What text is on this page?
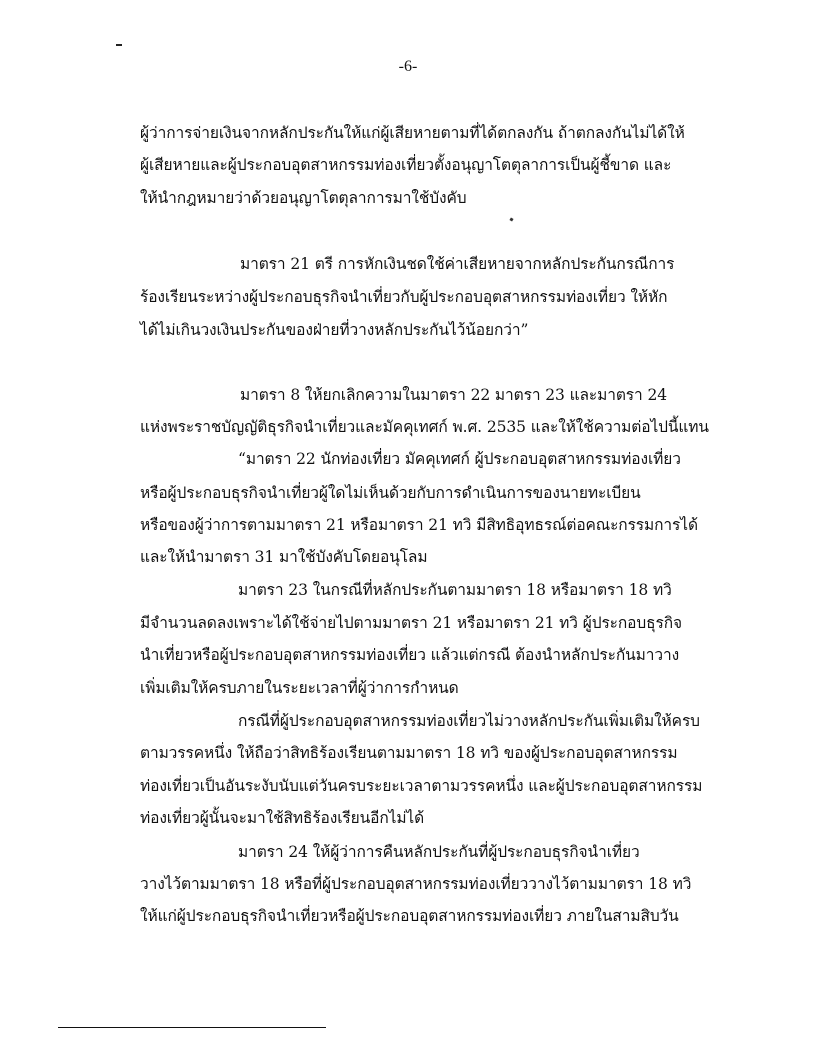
-6-
ผู้ว่าการจ่ายเงินจากหลักประกันให้แก่ผู้เสียหายตามที่ได้ตกลงกัน ถ้าตกลงกันไม่ได้ให้
ผู้เสียหายและผู้ประกอบอุตสาหกรรมท่องเที่ยวตั้งอนุญาโตตุลาการเป็นผู้ชี้ขาด และ
ให้นำกฎหมายว่าด้วยอนุญาโตตุลาการมาใช้บังคับ
มาตรา 21 ตรี การหักเงินชดใช้ค่าเสียหายจากหลักประกันกรณีการ
ร้องเรียนระหว่างผู้ประกอบธุรกิจนำเที่ยวกับผู้ประกอบอุตสาหกรรมท่องเที่ยว ให้หัก
ได้ไม่เกินวงเงินประกันของฝ่ายที่วางหลักประกันไว้น้อยกว่า”
มาตรา 8 ให้ยกเลิกความในมาตรา 22 มาตรา 23 และมาตรา 24
แห่งพระราชบัญญัติธุรกิจนำเที่ยวและมัคคุเทศก์ พ.ศ. 2535 และให้ใช้ความต่อไปนี้แทน
“มาตรา 22 นักท่องเที่ยว มัคคุเทศก์ ผู้ประกอบอุตสาหกรรมท่องเที่ยว
หรือผู้ประกอบธุรกิจนำเที่ยวผู้ใดไม่เห็นด้วยกับการดำเนินการของนายทะเบียน
หรือของผู้ว่าการตามมาตรา 21 หรือมาตรา 21 ทวิ มีสิทธิอุทธรณ์ต่อคณะกรรมการได้
และให้นำมาตรา 31 มาใช้บังคับโดยอนุโลม
มาตรา 23 ในกรณีที่หลักประกันตามมาตรา 18 หรือมาตรา 18 ทวิ
มีจำนวนลดลงเพราะได้ใช้จ่ายไปตามมาตรา 21 หรือมาตรา 21 ทวิ ผู้ประกอบธุรกิจ
นำเที่ยวหรือผู้ประกอบอุตสาหกรรมท่องเที่ยว แล้วแต่กรณี ต้องนำหลักประกันมาวาง
เพิ่มเติมให้ครบภายในระยะเวลาที่ผู้ว่าการกำหนด
กรณีที่ผู้ประกอบอุตสาหกรรมท่องเที่ยวไม่วางหลักประกันเพิ่มเติมให้ครบ
ตามวรรคหนึ่ง ให้ถือว่าสิทธิร้องเรียนตามมาตรา 18 ทวิ ของผู้ประกอบอุตสาหกรรม
ท่องเที่ยวเป็นอันระงับนับแต่วันครบระยะเวลาตามวรรคหนึ่ง และผู้ประกอบอุตสาหกรรม
ท่องเที่ยวผู้นั้นจะมาใช้สิทธิร้องเรียนอีกไม่ได้
มาตรา 24 ให้ผู้ว่าการคืนหลักประกันที่ผู้ประกอบธุรกิจนำเที่ยว
วางไว้ตามมาตรา 18 หรือที่ผู้ประกอบอุตสาหกรรมท่องเที่ยววางไว้ตามมาตรา 18 ทวิ
ให้แก่ผู้ประกอบธุรกิจนำเที่ยวหรือผู้ประกอบอุตสาหกรรมท่องเที่ยว ภายในสามสิบวัน
